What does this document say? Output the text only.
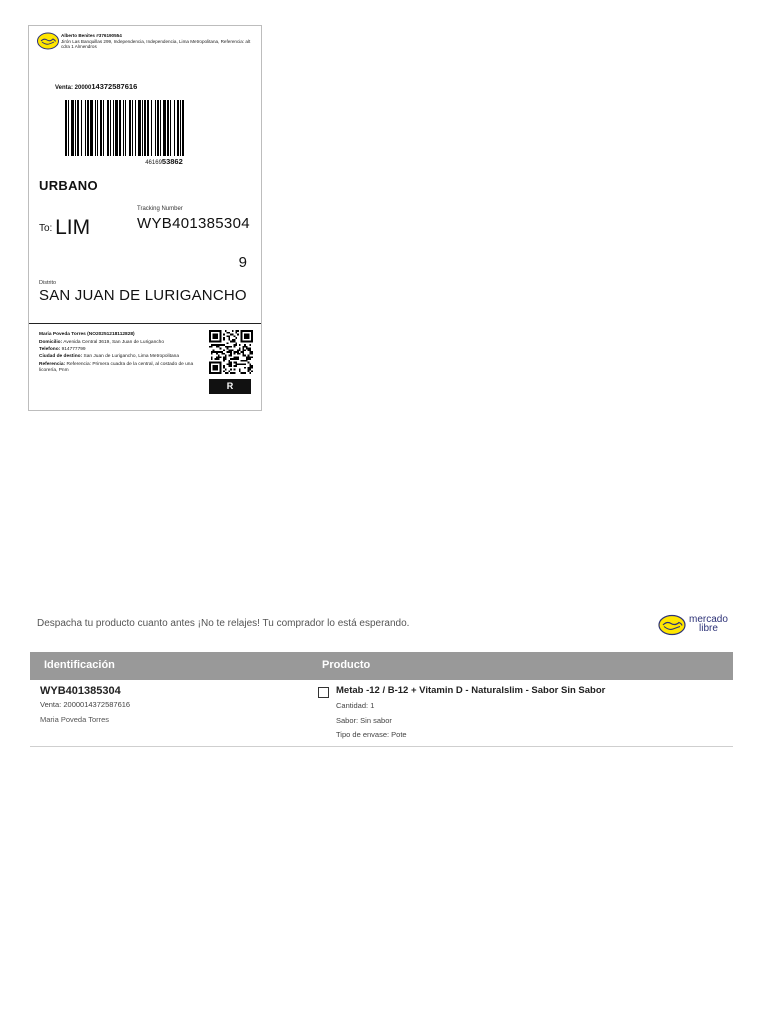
Alberto Benites #376190554
Jirón Las Banquillas 299, Independencia, Independencia, Lima Metropolitana, Referencia: alt cdra 1 Almendros
Venta: 2000014372587616
4616953862
URBANO
Tracking Number
To: LIM	WYB401385304
9
Distrito
SAN JUAN DE LURIGANCHO
Maria Poveda Torres (NO20251218112828)
Domicilio: Avenida Central 3619, San Juan de Lurigancho
Telefono: 914777799
Ciudad de destino: San Juan de Lurigancho, Lima Metropolitana
Referencia: Referencia: Primera cuadra de la central, al costado de una licorería, Pnm
R
Despacha tu producto cuanto antes ¡No te relajes! Tu comprador lo está esperando.	mercado
libre
Identificación	Producto
WYB401385304
Venta: 2000014372587616
Maria Poveda Torres
Metab -12 / B-12 + Vitamin D - Naturalslim - Sabor Sin Sabor
Cantidad: 1
Sabor: Sin sabor
Tipo de envase: Pote
